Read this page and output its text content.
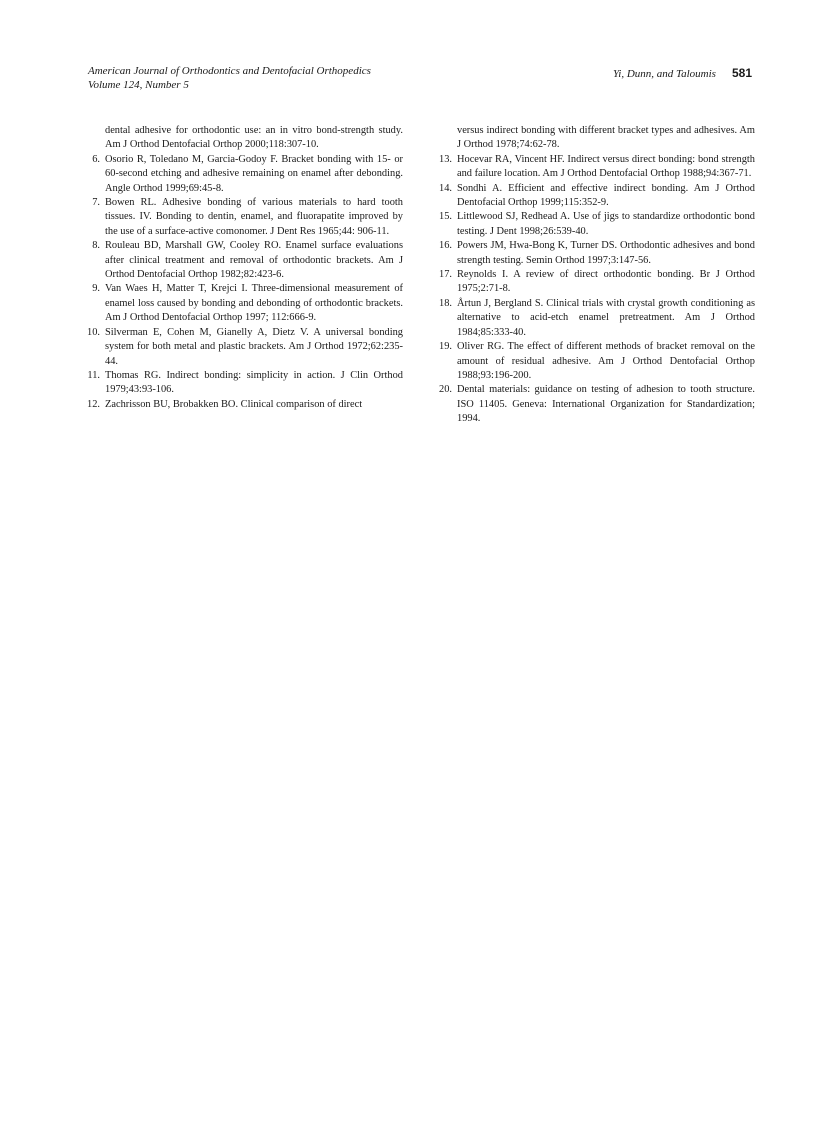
American Journal of Orthodontics and Dentofacial Orthopedics
Volume 124, Number 5
Yi, Dunn, and Taloumis 581
dental adhesive for orthodontic use: an in vitro bond-strength study. Am J Orthod Dentofacial Orthop 2000;118:307-10.
6. Osorio R, Toledano M, Garcia-Godoy F. Bracket bonding with 15- or 60-second etching and adhesive remaining on enamel after debonding. Angle Orthod 1999;69:45-8.
7. Bowen RL. Adhesive bonding of various materials to hard tooth tissues. IV. Bonding to dentin, enamel, and fluorapatite improved by the use of a surface-active comonomer. J Dent Res 1965;44: 906-11.
8. Rouleau BD, Marshall GW, Cooley RO. Enamel surface evaluations after clinical treatment and removal of orthodontic brackets. Am J Orthod Dentofacial Orthop 1982;82:423-6.
9. Van Waes H, Matter T, Krejci I. Three-dimensional measurement of enamel loss caused by bonding and debonding of orthodontic brackets. Am J Orthod Dentofacial Orthop 1997; 112:666-9.
10. Silverman E, Cohen M, Gianelly A, Dietz V. A universal bonding system for both metal and plastic brackets. Am J Orthod 1972;62:235-44.
11. Thomas RG. Indirect bonding: simplicity in action. J Clin Orthod 1979;43:93-106.
12. Zachrisson BU, Brobakken BO. Clinical comparison of direct
versus indirect bonding with different bracket types and adhesives. Am J Orthod 1978;74:62-78.
13. Hocevar RA, Vincent HF. Indirect versus direct bonding: bond strength and failure location. Am J Orthod Dentofacial Orthop 1988;94:367-71.
14. Sondhi A. Efficient and effective indirect bonding. Am J Orthod Dentofacial Orthop 1999;115:352-9.
15. Littlewood SJ, Redhead A. Use of jigs to standardize orthodontic bond testing. J Dent 1998;26:539-40.
16. Powers JM, Hwa-Bong K, Turner DS. Orthodontic adhesives and bond strength testing. Semin Orthod 1997;3:147-56.
17. Reynolds I. A review of direct orthodontic bonding. Br J Orthod 1975;2:71-8.
18. Årtun J, Bergland S. Clinical trials with crystal growth conditioning as alternative to acid-etch enamel pretreatment. Am J Orthod 1984;85:333-40.
19. Oliver RG. The effect of different methods of bracket removal on the amount of residual adhesive. Am J Orthod Dentofacial Orthop 1988;93:196-200.
20. Dental materials: guidance on testing of adhesion to tooth structure. ISO 11405. Geneva: International Organization for Standardization; 1994.
